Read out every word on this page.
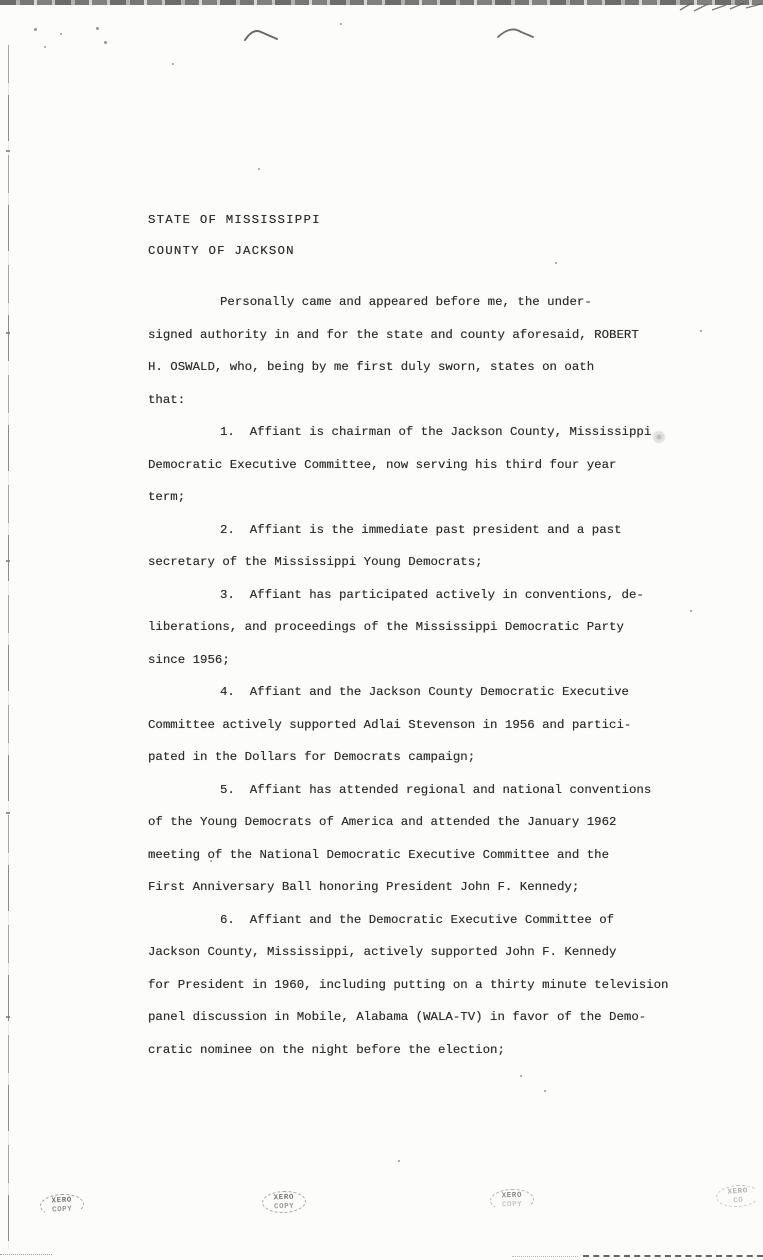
STATE OF MISSISSIPPI
COUNTY OF JACKSON
Personally came and appeared before me, the under-
signed authority in and for the state and county aforesaid, ROBERT
H. OSWALD, who, being by me first duly sworn, states on oath
that:
1.  Affiant is chairman of the Jackson County, Mississippi
Democratic Executive Committee, now serving his third four year
term;
2.  Affiant is the immediate past president and a past
secretary of the Mississippi Young Democrats;
3.  Affiant has participated actively in conventions, de-
liberations, and proceedings of the Mississippi Democratic Party
since 1956;
4.  Affiant and the Jackson County Democratic Executive
Committee actively supported Adlai Stevenson in 1956 and partici-
pated in the Dollars for Democrats campaign;
5.  Affiant has attended regional and national conventions
of the Young Democrats of America and attended the January 1962
meeting of the National Democratic Executive Committee and the
First Anniversary Ball honoring President John F. Kennedy;
6.  Affiant and the Democratic Executive Committee of
Jackson County, Mississippi, actively supported John F. Kennedy
for President in 1960, including putting on a thirty minute television
panel discussion in Mobile, Alabama (WALA-TV) in favor of the Demo-
cratic nominee on the night before the election;
XERO
COPY
XERO
COPY
XERO
COPY
XERO
CO
